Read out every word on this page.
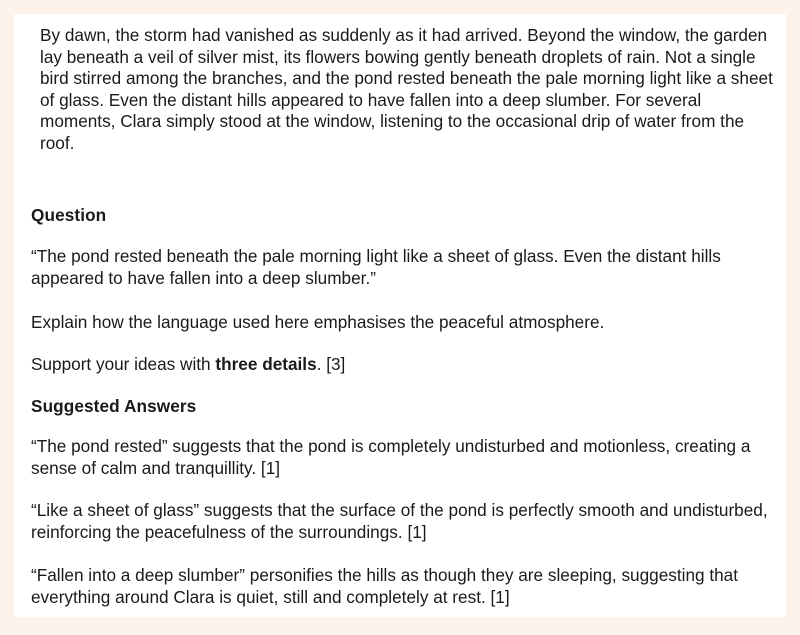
By dawn, the storm had vanished as suddenly as it had arrived. Beyond the window, the garden lay beneath a veil of silver mist, its flowers bowing gently beneath droplets of rain. Not a single bird stirred among the branches, and the pond rested beneath the pale morning light like a sheet of glass. Even the distant hills appeared to have fallen into a deep slumber. For several moments, Clara simply stood at the window, listening to the occasional drip of water from the roof.

Question

“The pond rested beneath the pale morning light like a sheet of glass. Even the distant hills appeared to have fallen into a deep slumber.”

Explain how the language used here emphasises the peaceful atmosphere.

Support your ideas with three details. [3]

Suggested Answers

“The pond rested” suggests that the pond is completely undisturbed and motionless, creating a sense of calm and tranquillity. [1]

“Like a sheet of glass” suggests that the surface of the pond is perfectly smooth and undisturbed, reinforcing the peacefulness of the surroundings. [1]

“Fallen into a deep slumber” personifies the hills as though they are sleeping, suggesting that everything around Clara is quiet, still and completely at rest. [1]
